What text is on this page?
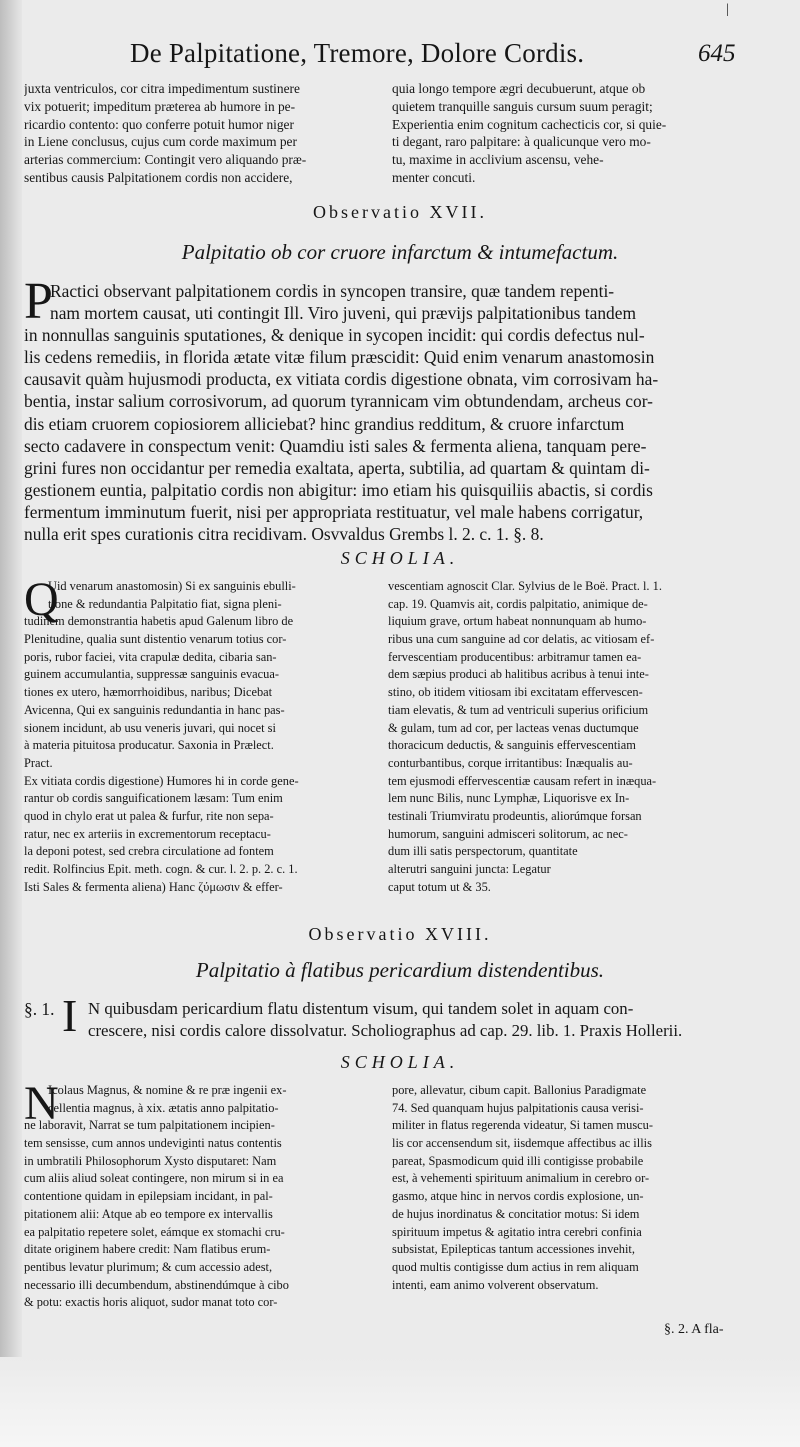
|
De Palpitatione, Tremore, Dolore Cordis.	645
juxta ventriculos, cor citra impedimentum sustinere
vix potuerit; impeditum præterea ab humore in pe-
ricardio contento: quo conferre potuit humor niger
in Liene conclusus, cujus cum corde maximum per
arterias commercium: Contingit vero aliquando præ-
sentibus causis Palpitationem cordis non accidere,
quia longo tempore ægri decubuerunt, atque ob
quietem tranquille sanguis cursum suum peragit;
Experientia enim cognitum cachecticis cor, si quie-
ti degant, raro palpitare: à qualicunque vero mo-
tu, maxime in acclivium ascensu, vehe-
menter concuti.
Observatio XVII.
Palpitatio ob cor cruore infarctum & intumefactum.
P
Ractici observant palpitationem cordis in syncopen transire, quæ tandem repenti-
nam mortem causat, uti contingit Ill. Viro juveni, qui prævijs palpitationibus tandem
in nonnullas sanguinis sputationes, & denique in sycopen incidit: qui cordis defectus nul-
lis cedens remediis, in florida ætate vitæ filum præscidit: Quid enim venarum anastomosin
causavit quàm hujusmodi producta, ex vitiata cordis digestione obnata, vim corrosivam ha-
bentia, instar salium corrosivorum, ad quorum tyrannicam vim obtundendam, archeus cor-
dis etiam cruorem copiosiorem alliciebat? hinc grandius redditum, & cruore infarctum
secto cadavere in conspectum venit: Quamdiu isti sales & fermenta aliena, tanquam pere-
grini fures non occidantur per remedia exaltata, aperta, subtilia, ad quartam & quintam di-
gestionem euntia, palpitatio cordis non abigitur: imo etiam his quisquiliis abactis, si cordis
fermentum imminutum fuerit, nisi per appropriata restituatur, vel male habens corrigatur,
nulla erit spes curationis citra recidivam. Osvvaldus Grembs l. 2. c. 1. §. 8.
SCHOLIA.
Q
Uid venarum anastomosin) Si ex sanguinis ebulli-
tione & redundantia Palpitatio fiat, signa pleni-
tudinem demonstrantia habetis apud Galenum libro de
Plenitudine, qualia sunt distentio venarum totius cor-
poris, rubor faciei, vita crapulæ dedita, cibaria san-
guinem accumulantia, suppressæ sanguinis evacua-
tiones ex utero, hæmorrhoidibus, naribus; Dicebat
Avicenna, Qui ex sanguinis redundantia in hanc pas-
sionem incidunt, ab usu veneris juvari, qui nocet si
à materia pituitosa producatur. Saxonia in Prælect.
Pract.
Ex vitiata cordis digestione) Humores hi in corde gene-
rantur ob cordis sanguificationem læsam: Tum enim
quod in chylo erat ut palea & furfur, rite non sepa-
ratur, nec ex arteriis in excrementorum receptacu-
la deponi potest, sed crebra circulatione ad fontem
redit. Rolfincius Epit. meth. cogn. & cur. l. 2. p. 2. c. 1.
Isti Sales & fermenta aliena) Hanc ζύμωσιν & effer-
vescentiam agnoscit Clar. Sylvius de le Boë. Pract. l. 1.
cap. 19. Quamvis ait, cordis palpitatio, animique de-
liquium grave, ortum habeat nonnunquam ab humo-
ribus una cum sanguine ad cor delatis, ac vitiosam ef-
fervescentiam producentibus: arbitramur tamen ea-
dem sæpius produci ab halitibus acribus à tenui inte-
stino, ob itidem vitiosam ibi excitatam effervescen-
tiam elevatis, & tum ad ventriculi superius orificium
& gulam, tum ad cor, per lacteas venas ductumque
thoracicum deductis, & sanguinis effervescentiam
conturbantibus, corque irritantibus: Inæqualis au-
tem ejusmodi effervescentiæ causam refert in inæqua-
lem nunc Bilis, nunc Lymphæ, Liquorisve ex In-
testinali Triumviratu prodeuntis, aliorúmque forsan
humorum, sanguini admisceri solitorum, ac nec-
dum illi satis perspectorum, quantitate
alterutri sanguini juncta: Legatur
caput totum ut & 35.
Observatio XVIII.
Palpitatio à flatibus pericardium distendentibus.
§. 1. I N quibusdam pericardium flatu distentum visum, qui tandem solet in aquam con-
crescere, nisi cordis calore dissolvatur. Scholiographus ad cap. 29. lib. 1. Praxis Hollerii.
SCHOLIA.
N
Icolaus Magnus, & nomine & re præ ingenii ex-
cellentia magnus, à xix. ætatis anno palpitatio-
ne laboravit, Narrat se tum palpitationem incipien-
tem sensisse, cum annos undeviginti natus contentis
in umbratili Philosophorum Xysto disputaret: Nam
cum aliis aliud soleat contingere, non mirum si in ea
contentione quidam in epilepsiam incidant, in pal-
pitationem alii: Atque ab eo tempore ex intervallis
ea palpitatio repetere solet, eámque ex stomachi cru-
ditate originem habere credit: Nam flatibus erum-
pentibus levatur plurimum; & cum accessio adest,
necessario illi decumbendum, abstinendúmque à cibo
& potu: exactis horis aliquot, sudor manat toto cor-
pore, allevatur, cibum capit. Ballonius Paradigmate
74. Sed quanquam hujus palpitationis causa verisi-
militer in flatus regerenda videatur, Si tamen muscu-
lis cor accensendum sit, iisdemque affectibus ac illis
pareat, Spasmodicum quid illi contigisse probabile
est, à vehementi spirituum animalium in cerebro or-
gasmo, atque hinc in nervos cordis explosione, un-
de hujus inordinatus & concitatior motus: Si idem
spirituum impetus & agitatio intra cerebri confinia
subsistat, Epilepticas tantum accessiones invehit,
quod multis contigisse dum actius in rem aliquam
intenti, eam animo volverent observatum.
§. 2. A fla-
